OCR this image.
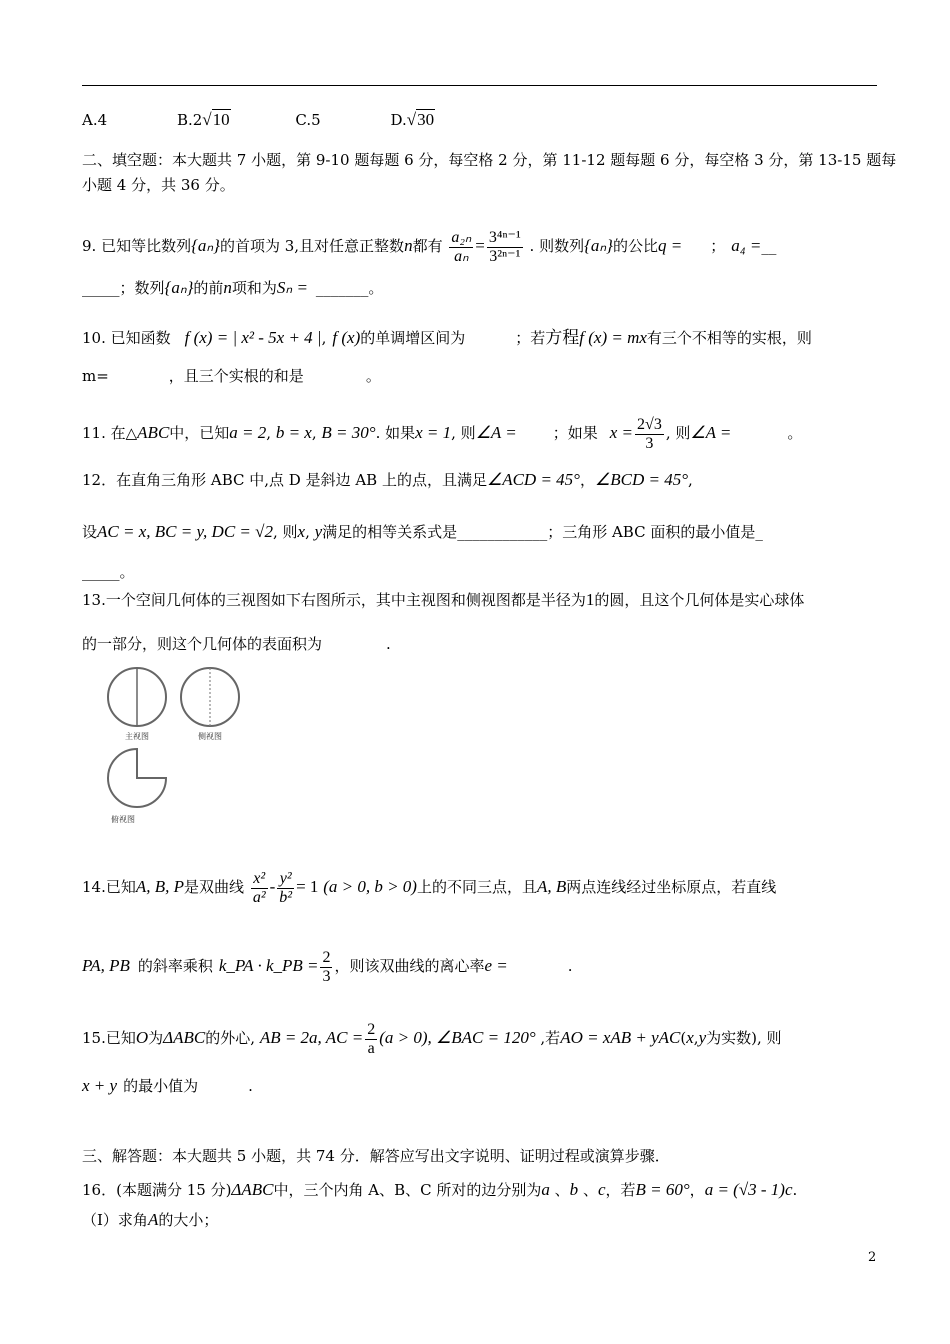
A.4	B.2√10	C.5	D.√30
二、填空题：本大题共 7 小题，第 9-10 题每题 6 分，每空格 2 分，第 11-12 题每题 6 分，每空格 3 分，第 13-15 题每
小题 4 分，共 36 分。
9. 已知等比数列{aₙ}的首项为 3,且对任意正整数n都有 $\frac{\text{a₂ₙ}}{\text{aₙ}} = \frac{\text{3⁴ⁿ⁻¹}}{\text{3²ⁿ⁻¹}}$ . 则数列{aₙ}的公比q = ； a₄ =__
_____；数列{aₙ}的前n项和为Sₙ = _______。
10. 已知函数 f (x) = | x² - 5x + 4 |, f (x)的单调增区间为	；若方程f (x) = mx有三个不相等的实根，则
m=	，且三个实根的和是	。
11. 在△ABC中，已知a = 2, b = x, B = 30°. 如果x = 1, 则∠A = ；如果 $x = \frac{2√3}{3}$ , 则∠A =	。
12．在直角三角形 ABC 中,点 D 是斜边 AB 上的点，且满足∠ACD = 45°，∠BCD = 45°,
设AC = x, BC = y, DC = √2, 则x, y满足的相等关系式是____________；三角形 ABC 面积的最小值是_
_____。
13.一个空间几何体的三视图如下右图所示，其中主视图和侧视图都是半径为1的圆，且这个几何体是实心球体
的一部分，则这个几何体的表面积为	.
主视图	侧视图
俯视图
14.已知A, B, P是双曲线 $\frac{\text{x²}}{\text{a²}} - \frac{\text{y²}}{\text{b²}} = 1$ (a > 0, b > 0)上的不同三点，且A, B两点连线经过坐标原点，若直线
PA, PB 的斜率乘积 k_PA · k_PB = $\frac{2}{3}$ ，则该双曲线的离心率e =	.
15.已知O为ΔABC的外心, AB = 2a, AC = $\frac{2}{a} (a > 0)$, ∠BAC = 120° ,若AO = xAB + yAC(x,y为实数), 则
x + y 的最小值为	.
三、解答题：本大题共 5 小题，共 74 分．解答应写出文字说明、证明过程或演算步骤．
16．(本题满分 15 分)ΔABC中，三个内角 A、B、C 所对的边分别为a 、b 、c，若B = 60°，a = (√3 - 1)c.
（Ⅰ）求角A的大小；
2
